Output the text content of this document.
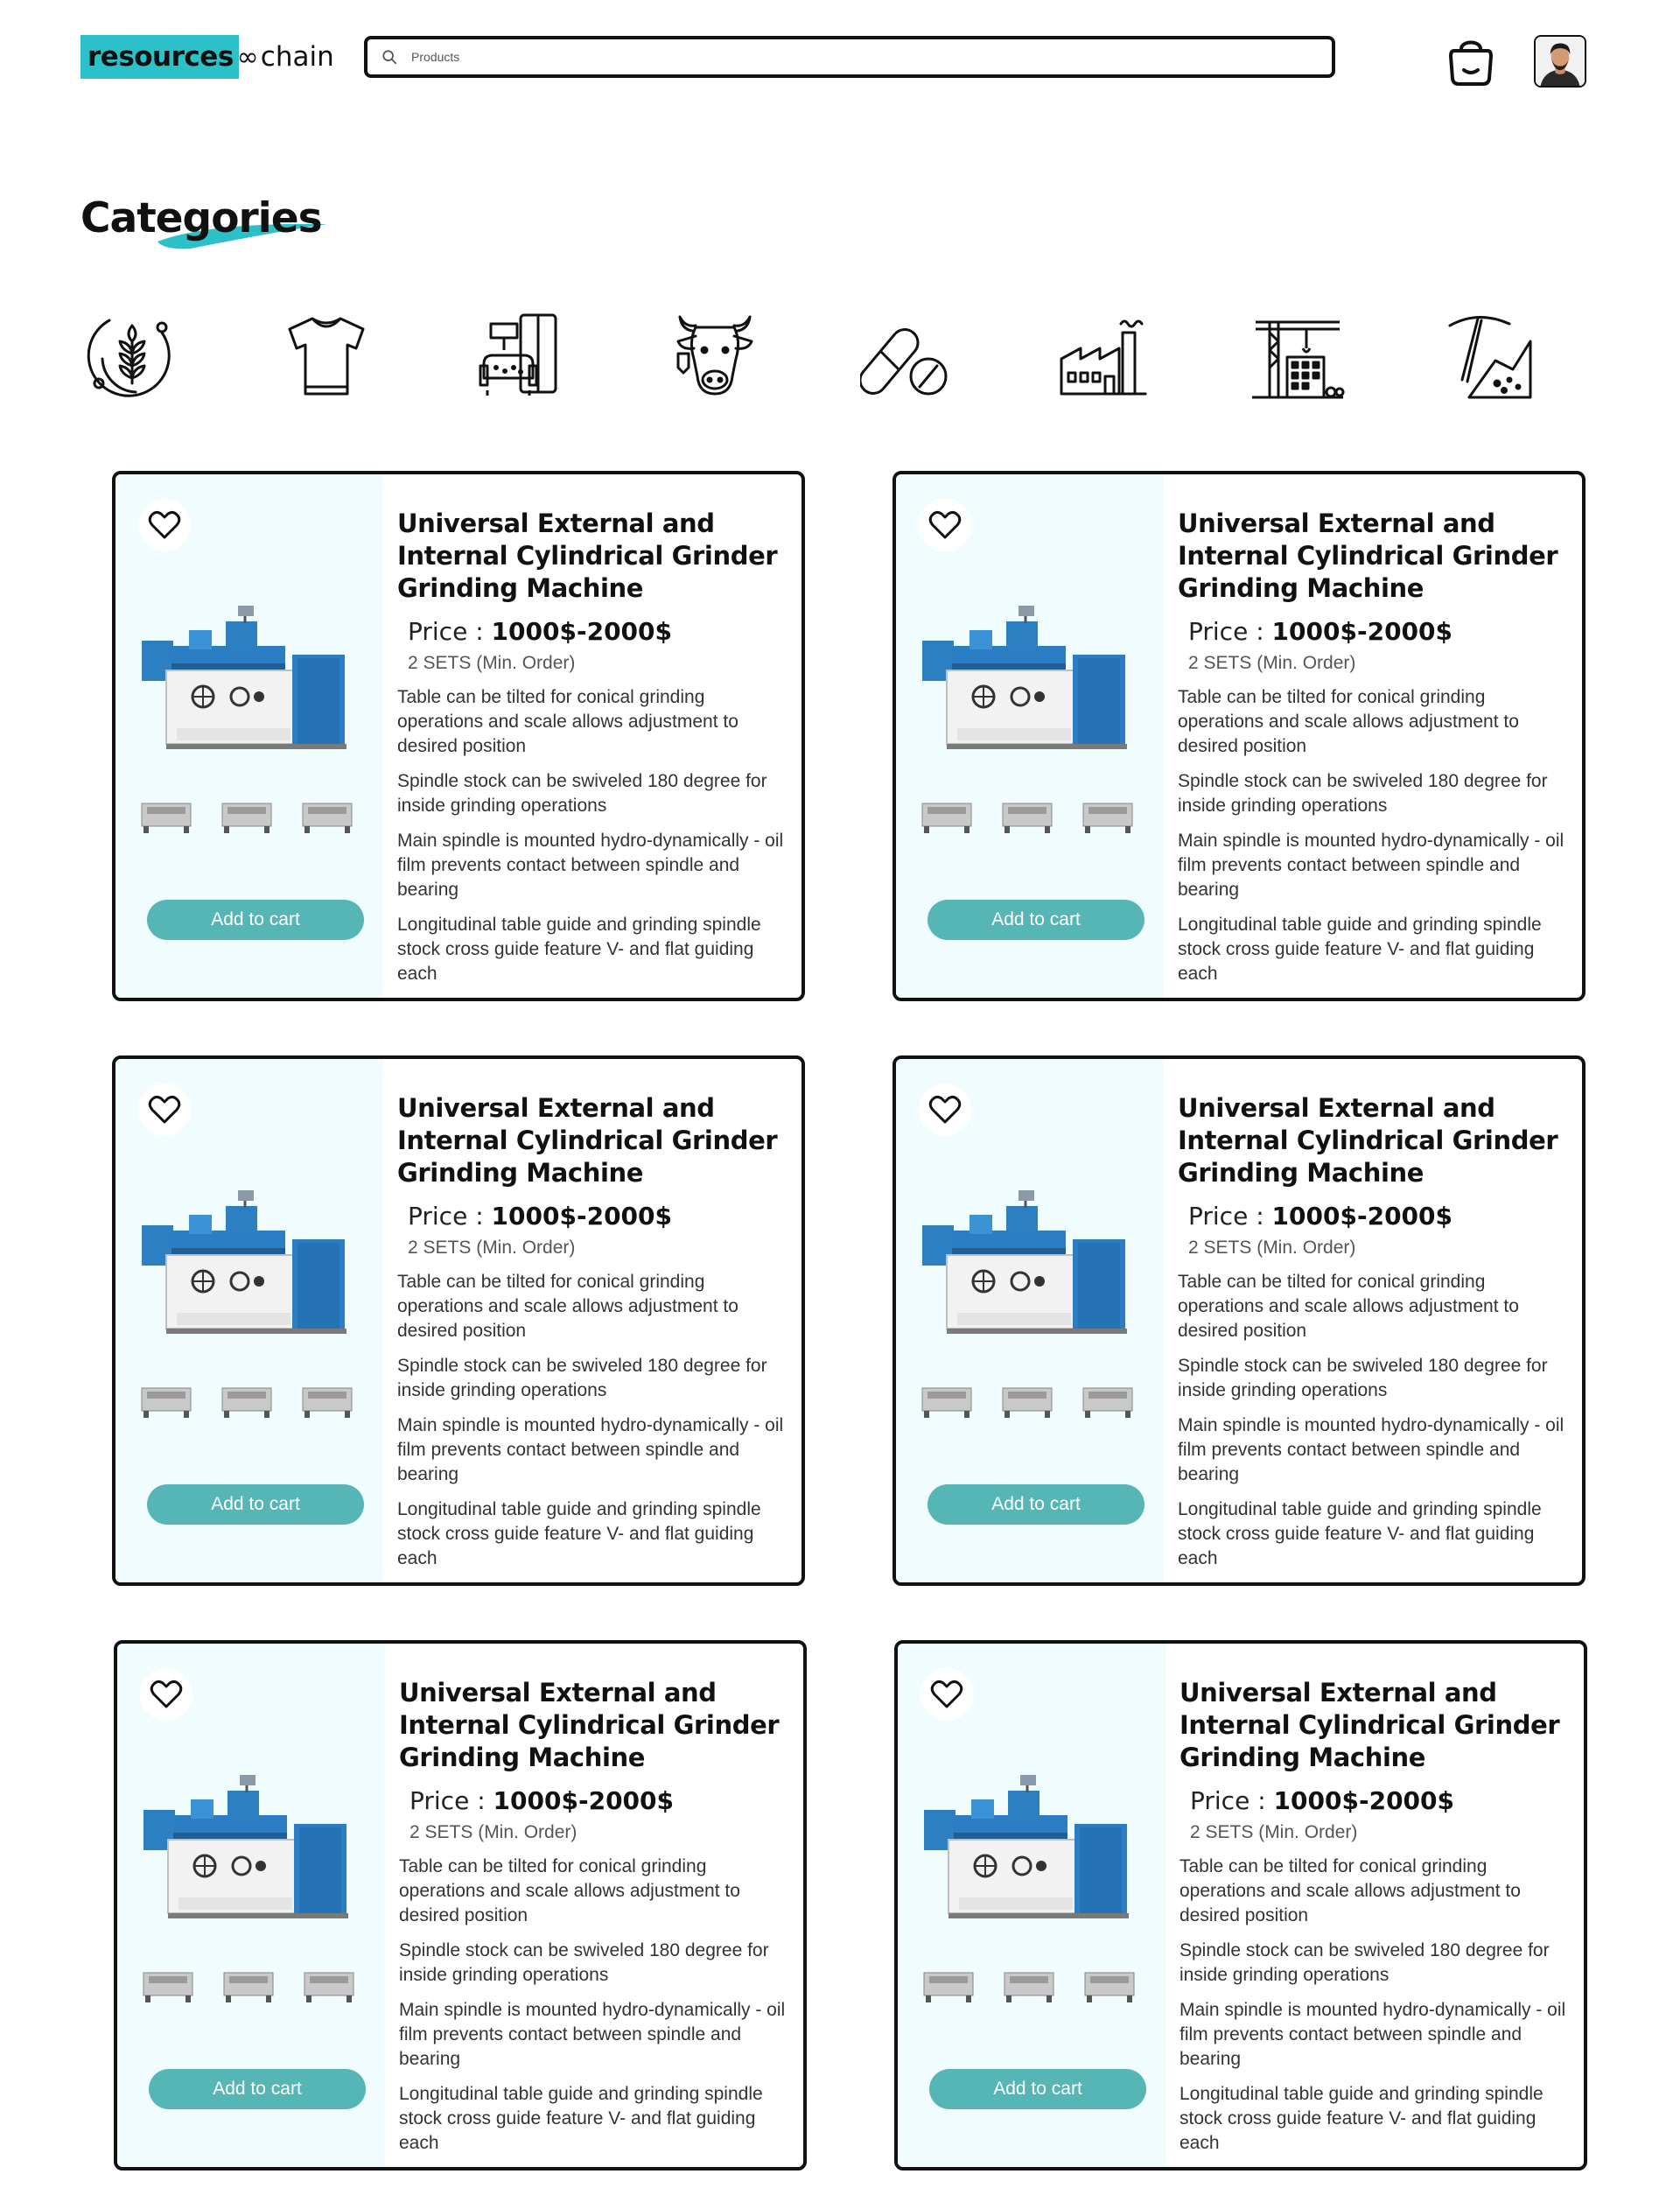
resources ∞ chain
Products
Categories
Add to cart
Universal External and Internal Cylindrical Grinder Grinding Machine
Price : 1000$-2000$
2 SETS (Min. Order)
Table can be tilted for conical grinding operations and scale allows adjustment to desired position
Spindle stock can be swiveled 180 degree for inside grinding operations
Main spindle is mounted hydro-dynamically - oil film prevents contact between spindle and bearing
Longitudinal table guide and grinding spindle stock cross guide feature V- and flat guiding each
Add to cart
Universal External and Internal Cylindrical Grinder Grinding Machine
Price : 1000$-2000$
2 SETS (Min. Order)
Table can be tilted for conical grinding operations and scale allows adjustment to desired position
Spindle stock can be swiveled 180 degree for inside grinding operations
Main spindle is mounted hydro-dynamically - oil film prevents contact between spindle and bearing
Longitudinal table guide and grinding spindle stock cross guide feature V- and flat guiding each
Add to cart
Universal External and Internal Cylindrical Grinder Grinding Machine
Price : 1000$-2000$
2 SETS (Min. Order)
Table can be tilted for conical grinding operations and scale allows adjustment to desired position
Spindle stock can be swiveled 180 degree for inside grinding operations
Main spindle is mounted hydro-dynamically - oil film prevents contact between spindle and bearing
Longitudinal table guide and grinding spindle stock cross guide feature V- and flat guiding each
Add to cart
Universal External and Internal Cylindrical Grinder Grinding Machine
Price : 1000$-2000$
2 SETS (Min. Order)
Table can be tilted for conical grinding operations and scale allows adjustment to desired position
Spindle stock can be swiveled 180 degree for inside grinding operations
Main spindle is mounted hydro-dynamically - oil film prevents contact between spindle and bearing
Longitudinal table guide and grinding spindle stock cross guide feature V- and flat guiding each
Add to cart
Universal External and Internal Cylindrical Grinder Grinding Machine
Price : 1000$-2000$
2 SETS (Min. Order)
Table can be tilted for conical grinding operations and scale allows adjustment to desired position
Spindle stock can be swiveled 180 degree for inside grinding operations
Main spindle is mounted hydro-dynamically - oil film prevents contact between spindle and bearing
Longitudinal table guide and grinding spindle stock cross guide feature V- and flat guiding each
Add to cart
Universal External and Internal Cylindrical Grinder Grinding Machine
Price : 1000$-2000$
2 SETS (Min. Order)
Table can be tilted for conical grinding operations and scale allows adjustment to desired position
Spindle stock can be swiveled 180 degree for inside grinding operations
Main spindle is mounted hydro-dynamically - oil film prevents contact between spindle and bearing
Longitudinal table guide and grinding spindle stock cross guide feature V- and flat guiding each
